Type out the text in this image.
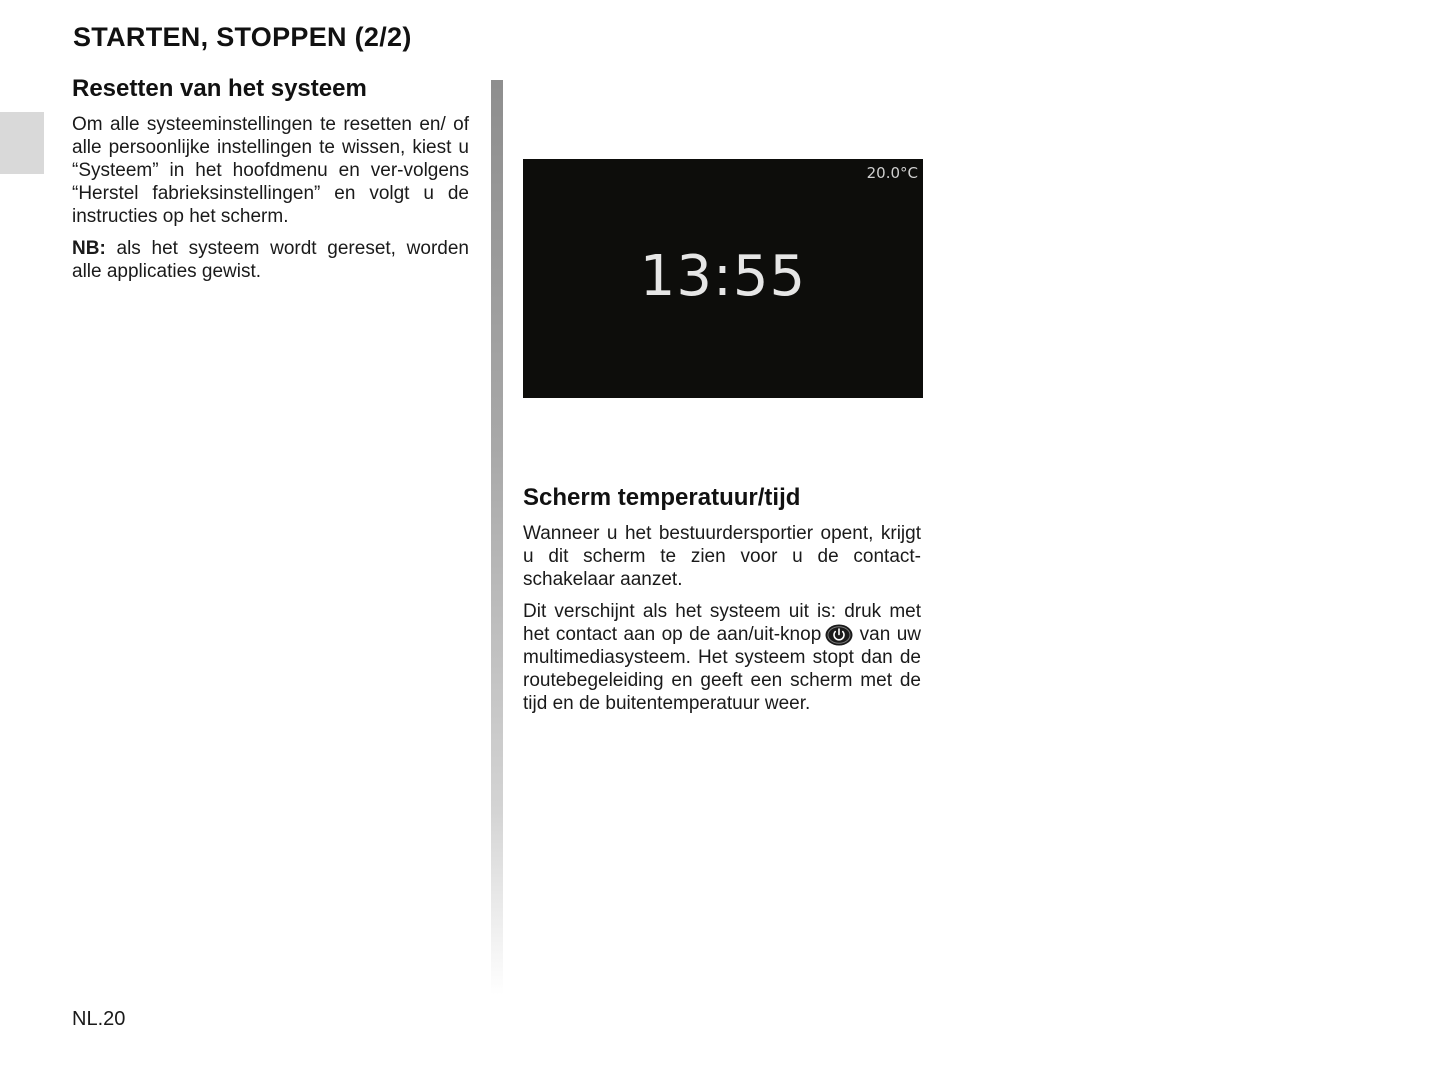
STARTEN, STOPPEN (2/2)
Resetten van het systeem

Om alle systeeminstellingen te resetten en/ of alle persoonlijke instellingen te wissen, kiest u “Systeem” in het hoofdmenu en ver-volgens “Herstel fabrieksinstellingen” en volgt u de instructies op het scherm.

NB: als het systeem wordt gereset, worden alle applicaties gewist.

20.0°C
13:55
Scherm temperatuur/tijd

Wanneer u het bestuurdersportier opent, krijgt u dit scherm te zien voor u de contact-schakelaar aanzet.

Dit verschijnt als het systeem uit is: druk met het contact aan op de aan/uit-knop van uw multimediasysteem. Het systeem stopt dan de routebegeleiding en geeft een scherm met de tijd en de buitentemperatuur weer.

NL.20
